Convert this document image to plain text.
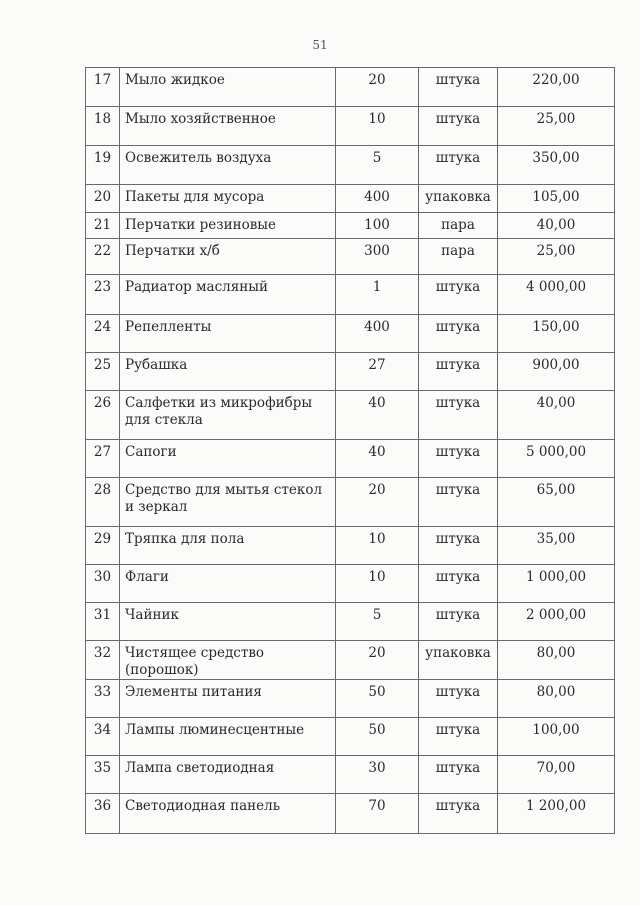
51
17	Мыло жидкое	20	штука	220,00
18	Мыло хозяйственное	10	штука	25,00
19	Освежитель воздуха	5	штука	350,00
20	Пакеты для мусора	400	упаковка	105,00
21	Перчатки резиновые	100	пара	40,00
22	Перчатки х/б	300	пара	25,00
23	Радиатор масляный	1	штука	4 000,00
24	Репелленты	400	штука	150,00
25	Рубашка	27	штука	900,00
26	Салфетки из микрофибры для стекла	40	штука	40,00
27	Сапоги	40	штука	5 000,00
28	Средство для мытья стекол и зеркал	20	штука	65,00
29	Тряпка для пола	10	штука	35,00
30	Флаги	10	штука	1 000,00
31	Чайник	5	штука	2 000,00
32	Чистящее средство (порошок)	20	упаковка	80,00
33	Элементы питания	50	штука	80,00
34	Лампы люминесцентные	50	штука	100,00
35	Лампа светодиодная	30	штука	70,00
36	Светодиодная панель	70	штука	1 200,00
